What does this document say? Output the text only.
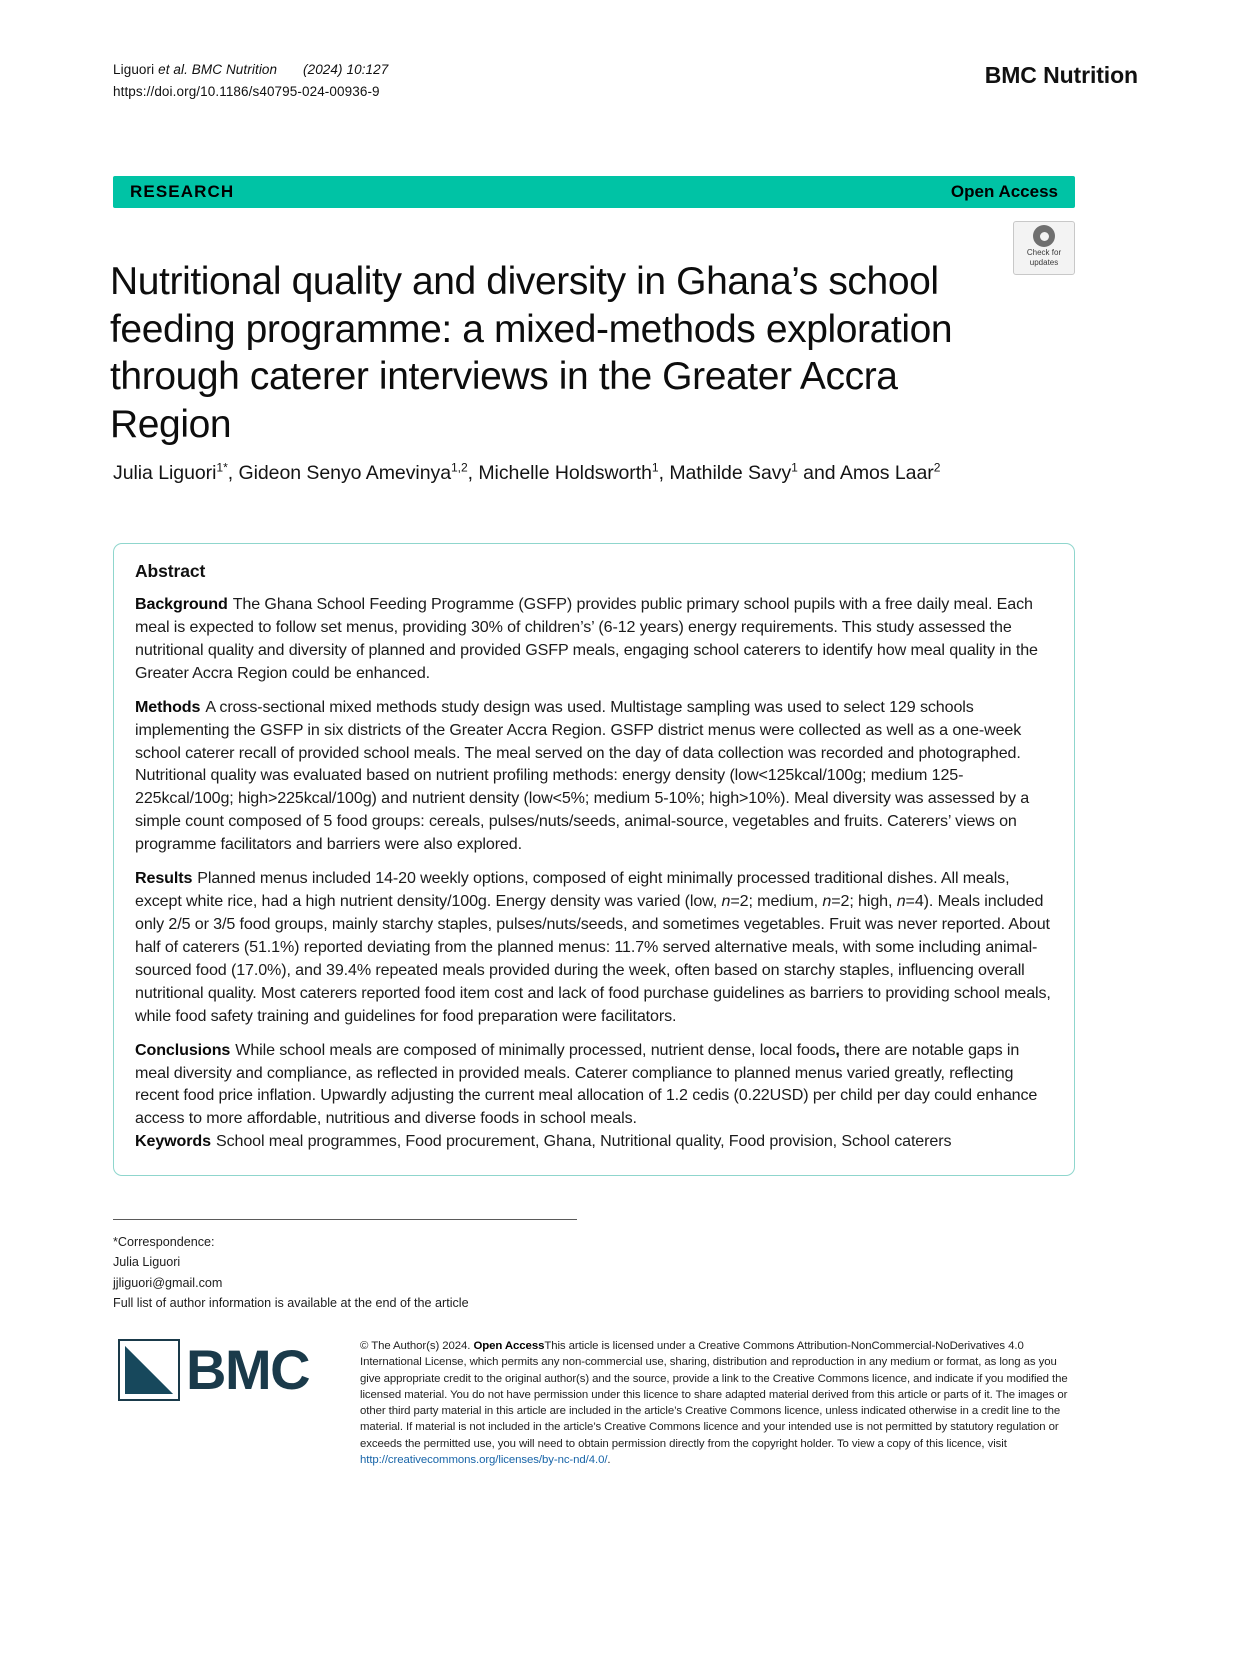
Liguori et al. BMC Nutrition (2024) 10:127
https://doi.org/10.1186/s40795-024-00936-9
BMC Nutrition
RESEARCH	Open Access
Check for
updates
Nutritional quality and diversity in Ghana’s school feeding programme: a mixed-methods exploration through caterer interviews in the Greater Accra Region
Julia Liguori$^{1*}$, Gideon Senyo Amevinya$^{1,2}$, Michelle Holdsworth$^1$, Mathilde Savy$^1$ and Amos Laar$^2$
Abstract

Background The Ghana School Feeding Programme (GSFP) provides public primary school pupils with a free daily meal. Each meal is expected to follow set menus, providing 30% of children’s’ (6-12 years) energy requirements. This study assessed the nutritional quality and diversity of planned and provided GSFP meals, engaging school caterers to identify how meal quality in the Greater Accra Region could be enhanced.

Methods A cross-sectional mixed methods study design was used. Multistage sampling was used to select 129 schools implementing the GSFP in six districts of the Greater Accra Region. GSFP district menus were collected as well as a one-week school caterer recall of provided school meals. The meal served on the day of data collection was recorded and photographed. Nutritional quality was evaluated based on nutrient profiling methods: energy density (low<125kcal/100g; medium 125-225kcal/100g; high>225kcal/100g) and nutrient density (low<5%; medium 5-10%; high>10%). Meal diversity was assessed by a simple count composed of 5 food groups: cereals, pulses/nuts/seeds, animal-source, vegetables and fruits. Caterers’ views on programme facilitators and barriers were also explored.

Results Planned menus included 14-20 weekly options, composed of eight minimally processed traditional dishes. All meals, except white rice, had a high nutrient density/100g. Energy density was varied (low, n=2; medium, n=2; high, n=4). Meals included only 2/5 or 3/5 food groups, mainly starchy staples, pulses/nuts/seeds, and sometimes vegetables. Fruit was never reported. About half of caterers (51.1%) reported deviating from the planned menus: 11.7% served alternative meals, with some including animal-sourced food (17.0%), and 39.4% repeated meals provided during the week, often based on starchy staples, influencing overall nutritional quality. Most caterers reported food item cost and lack of food purchase guidelines as barriers to providing school meals, while food safety training and guidelines for food preparation were facilitators.

Conclusions While school meals are composed of minimally processed, nutrient dense, local foods, there are notable gaps in meal diversity and compliance, as reflected in provided meals. Caterer compliance to planned menus varied greatly, reflecting recent food price inflation. Upwardly adjusting the current meal allocation of 1.2 cedis (0.22USD) per child per day could enhance access to more affordable, nutritious and diverse foods in school meals.

Keywords School meal programmes, Food procurement, Ghana, Nutritional quality, Food provision, School caterers

*Correspondence:
Julia Liguori
jjliguori@gmail.com
Full list of author information is available at the end of the article
BMC	© The Author(s) 2024. Open AccessThis article is licensed under a Creative Commons Attribution-NonCommercial-NoDerivatives 4.0 International License, which permits any non-commercial use, sharing, distribution and reproduction in any medium or format, as long as you give appropriate credit to the original author(s) and the source, provide a link to the Creative Commons licence, and indicate if you modified the licensed material. You do not have permission under this licence to share adapted material derived from this article or parts of it. The images or other third party material in this article are included in the article’s Creative Commons licence, unless indicated otherwise in a credit line to the material. If material is not included in the article’s Creative Commons licence and your intended use is not permitted by statutory regulation or exceeds the permitted use, you will need to obtain permission directly from the copyright holder. To view a copy of this licence, visit http://creativecommons.org/licenses/by-nc-nd/4.0/.
